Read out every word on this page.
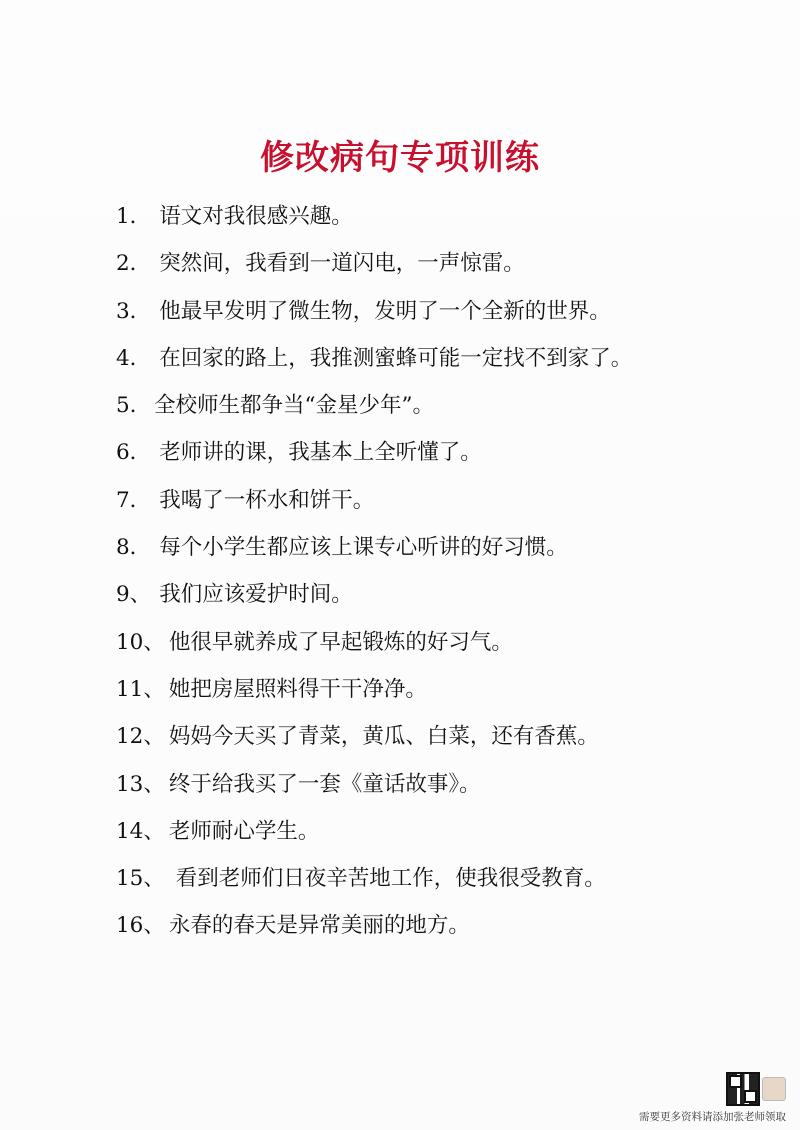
修改病句专项训练
1． 语文对我很感兴趣。
2． 突然间，我看到一道闪电，一声惊雷。
3． 他最早发明了微生物，发明了一个全新的世界。
4． 在回家的路上，我推测蜜蜂可能一定找不到家了。
5. 全校师生都争当“金星少年”。
6． 老师讲的课，我基本上全听懂了。
7． 我喝了一杯水和饼干。
8． 每个小学生都应该上课专心听讲的好习惯。
9、 我们应该爱护时间。
10、 他很早就养成了早起锻炼的好习气。
11、 她把房屋照料得干干净净。
12、 妈妈今天买了青菜，黄瓜、白菜，还有香蕉。
13、 终于给我买了一套《童话故事》。
14、 老师耐心学生。
15、 看到老师们日夜辛苦地工作，使我很受教育。
16、 永春的春天是异常美丽的地方。
需要更多资料请添加张老师领取
